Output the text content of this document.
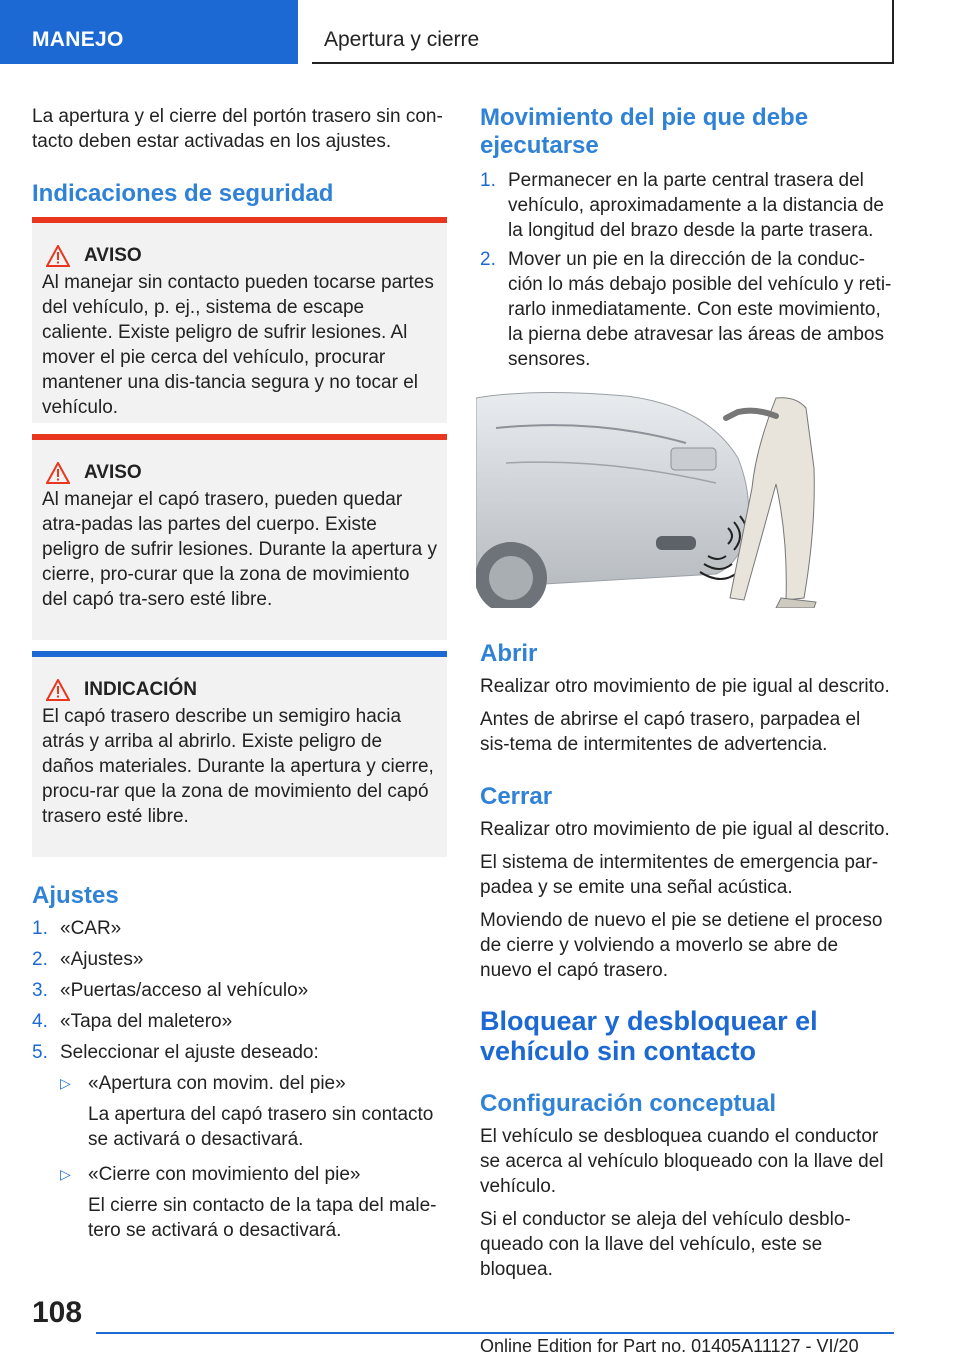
MANEJO	Apertura y cierre

La apertura y el cierre del portón trasero sin con-tacto deben estar activadas en los ajustes.

Indicaciones de seguridad
AVISO

Al manejar sin contacto pueden tocarse partes del vehículo, p. ej., sistema de escape caliente. Existe peligro de sufrir lesiones. Al mover el pie cerca del vehículo, procurar mantener una dis-tancia segura y no tocar el vehículo.

AVISO

Al manejar el capó trasero, pueden quedar atra-padas las partes del cuerpo. Existe peligro de sufrir lesiones. Durante la apertura y cierre, pro-curar que la zona de movimiento del capó tra-sero esté libre.

INDICACIÓN

El capó trasero describe un semigiro hacia atrás y arriba al abrirlo. Existe peligro de daños materiales. Durante la apertura y cierre, procu-rar que la zona de movimiento del capó trasero esté libre.

Ajustes
1. «CAR»
2. «Ajustes»
3. «Puertas/acceso al vehículo»
4. «Tapa del maletero»
5. Seleccionar el ajuste deseado:
▷ «Apertura con movim. del pie»

La apertura del capó trasero sin contacto se activará o desactivará.

▷ «Cierre con movimiento del pie»

El cierre sin contacto de la tapa del male-tero se activará o desactivará.

Movimiento del pie que debe ejecutarse
1. Permanecer en la parte central trasera del vehículo, aproximadamente a la distancia de la longitud del brazo desde la parte trasera.
2. Mover un pie en la dirección de la conduc-ción lo más debajo posible del vehículo y reti-rarlo inmediatamente. Con este movimiento, la pierna debe atravesar las áreas de ambos sensores.
Abrir

Realizar otro movimiento de pie igual al descrito.

Antes de abrirse el capó trasero, parpadea el sis-tema de intermitentes de advertencia.

Cerrar

Realizar otro movimiento de pie igual al descrito.

El sistema de intermitentes de emergencia par-padea y se emite una señal acústica.

Moviendo de nuevo el pie se detiene el proceso de cierre y volviendo a moverlo se abre de nuevo el capó trasero.

Bloquear y desbloquear el vehículo sin contacto
Configuración conceptual

El vehículo se desbloquea cuando el conductor se acerca al vehículo bloqueado con la llave del vehículo.

Si el conductor se aleja del vehículo desblo-queado con la llave del vehículo, este se bloquea.

108
Online Edition for Part no. 01405A11127 - VI/20
